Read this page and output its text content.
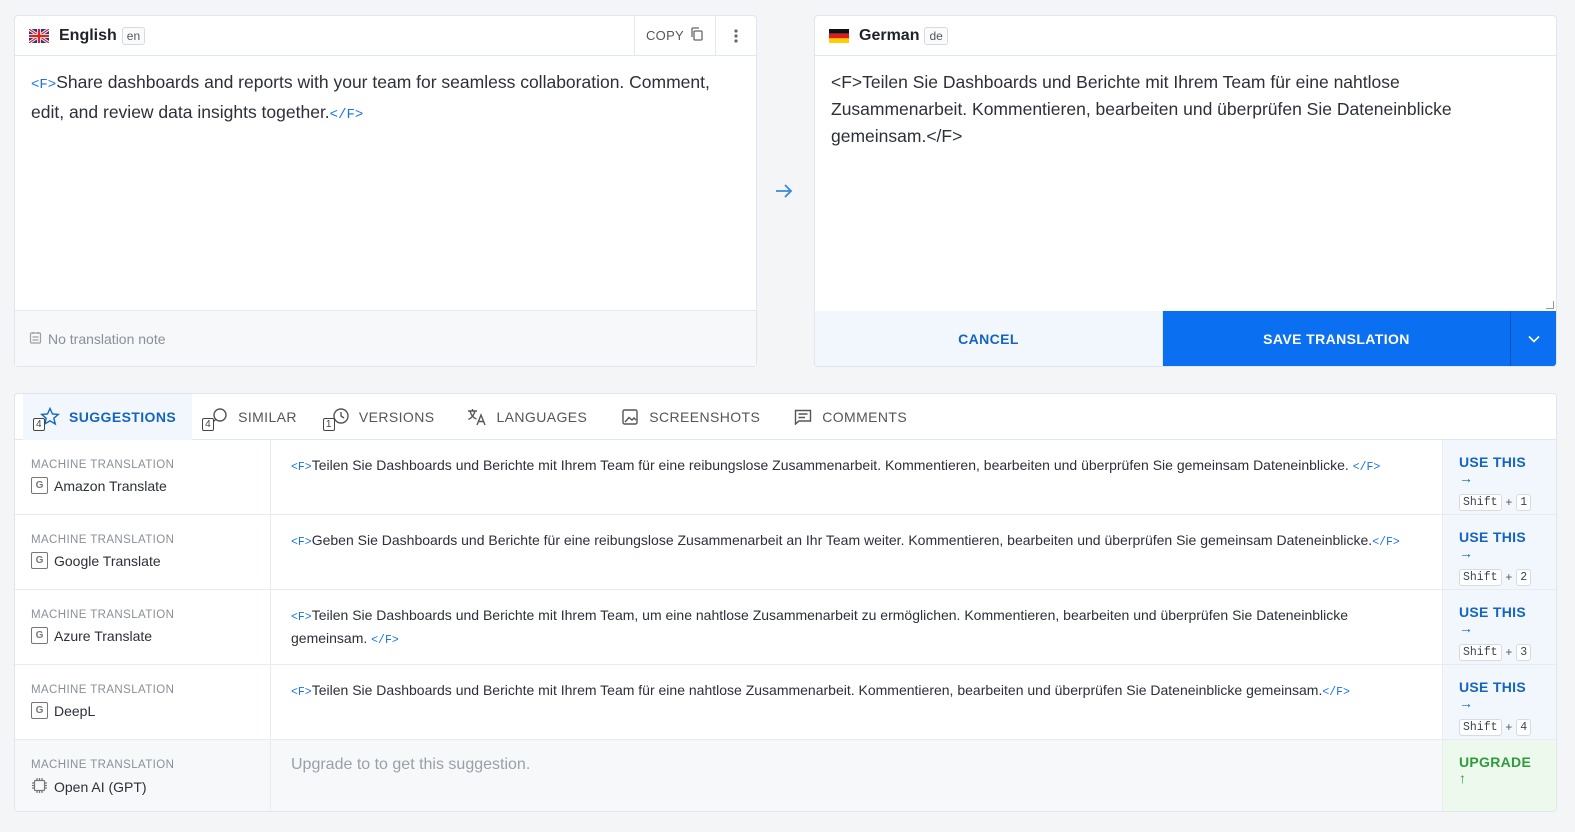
English en	COPY
<F>Share dashboards and reports with your team for seamless collaboration. Comment, edit, and review data insights together.</F>
No translation note
German de
<F>Teilen Sie Dashboards und Berichte mit Ihrem Team für eine nahtlose Zusammenarbeit. Kommentieren, bearbeiten und überprüfen Sie Dateneinblicke gemeinsam.</F>
CANCEL	SAVE TRANSLATION
4 SUGGESTIONS	4 SIMILAR	1 VERSIONS	LANGUAGES	SCREENSHOTS	COMMENTS
MACHINE TRANSLATION
G Amazon Translate
<F>Teilen Sie Dashboards und Berichte mit Ihrem Team für eine reibungslose Zusammenarbeit. Kommentieren, bearbeiten und überprüfen Sie gemeinsam Dateneinblicke. </F>	USE THIS →
Shift + 1
MACHINE TRANSLATION
G Google Translate
<F>Geben Sie Dashboards und Berichte für eine reibungslose Zusammenarbeit an Ihr Team weiter. Kommentieren, bearbeiten und überprüfen Sie gemeinsam Dateneinblicke.</F>	USE THIS →
Shift + 2
MACHINE TRANSLATION
G Azure Translate
<F>Teilen Sie Dashboards und Berichte mit Ihrem Team, um eine nahtlose Zusammenarbeit zu ermöglichen. Kommentieren, bearbeiten und überprüfen Sie Dateneinblicke gemeinsam. </F>
USE THIS →
Shift + 3
MACHINE TRANSLATION
G DeepL
<F>Teilen Sie Dashboards und Berichte mit Ihrem Team für eine nahtlose Zusammenarbeit. Kommentieren, bearbeiten und überprüfen Sie Dateneinblicke gemeinsam.</F>	USE THIS →
Shift + 4
MACHINE TRANSLATION
Open AI (GPT)
Upgrade to to get this suggestion.	UPGRADE ↑
